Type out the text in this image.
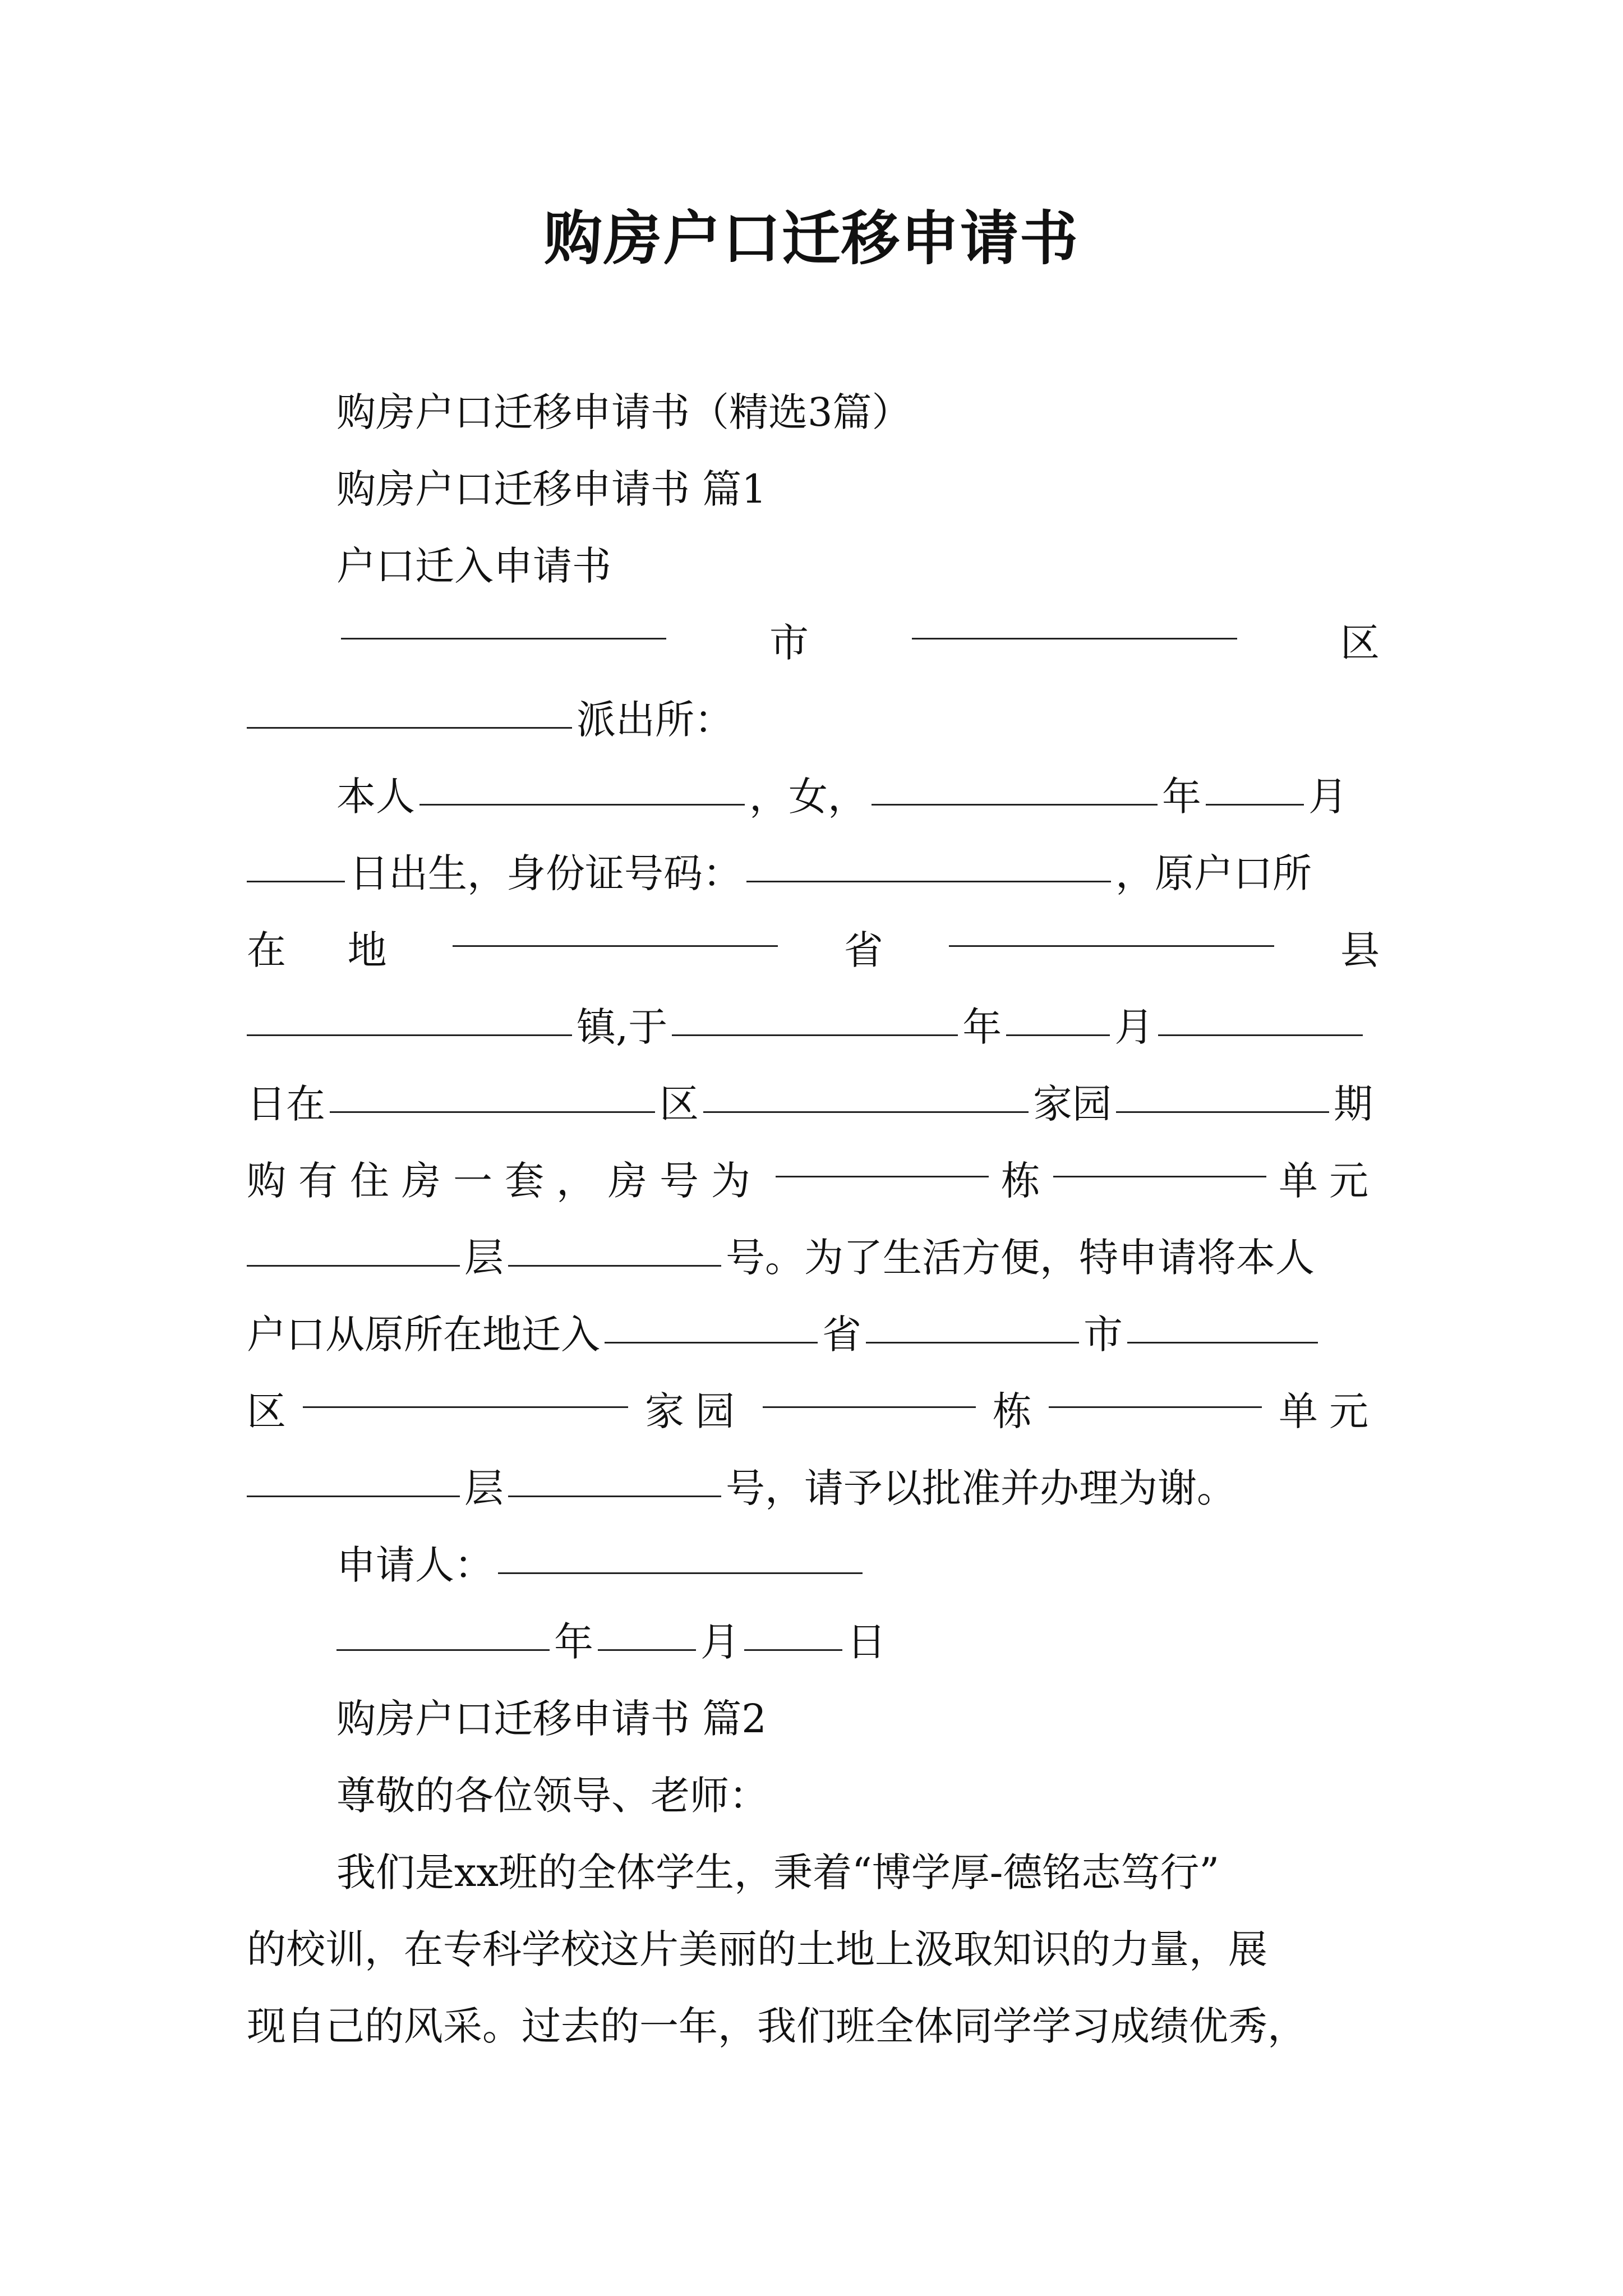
购房户口迁移申请书
购房户口迁移申请书（精选3篇）
购房户口迁移申请书 篇1
户口迁入申请书
市	区
派出所：
本人	，女，	年	月
日出生，身份证号码：	，原户口所
在 地	省	县
镇,于	年	月
日在	区	家园	期
购有住房一套，房号为	栋	单元
层	号。为了生活方便，特申请将本人
户口从原所在地迁入	省	市
区	家园	栋	单元
层	号，请予以批准并办理为谢。
申请人：
年	月	日
购房户口迁移申请书 篇2
尊敬的各位领导、老师：
我们是xx班的全体学生，秉着“博学厚-德铭志笃行”
的校训，在专科学校这片美丽的土地上汲取知识的力量，展
现自己的风采。过去的一年，我们班全体同学学习成绩优秀，
